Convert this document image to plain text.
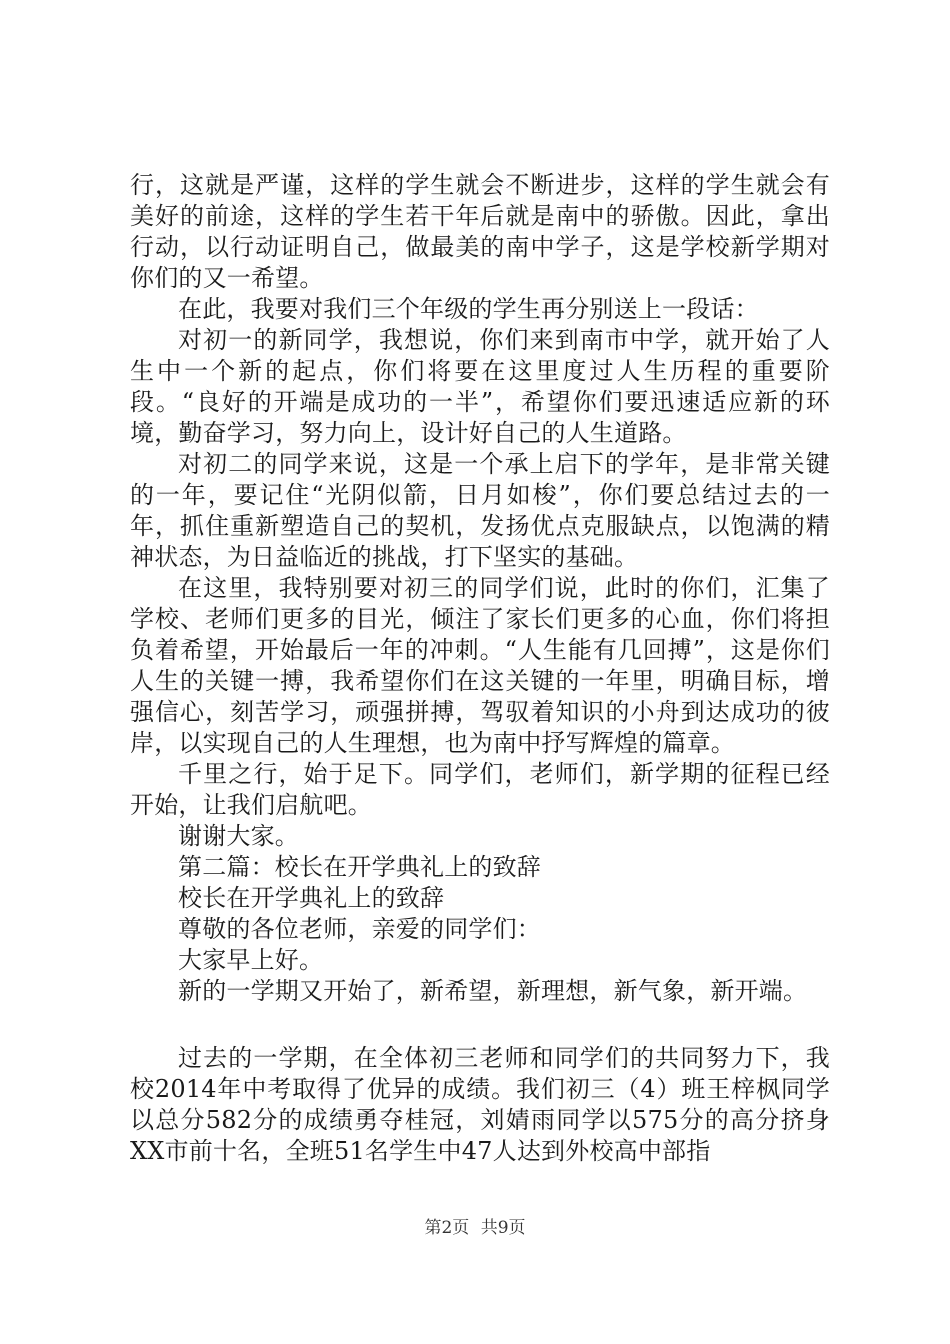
行，这就是严谨，这样的学生就会不断进步，这样的学生就会有美好的前途，这样的学生若干年后就是南中的骄傲。因此，拿出行动，以行动证明自己，做最美的南中学子，这是学校新学期对你们的又一希望。

在此，我要对我们三个年级的学生再分别送上一段话：

对初一的新同学，我想说，你们来到南市中学，就开始了人生中一个新的起点，你们将要在这里度过人生历程的重要阶段。“良好的开端是成功的一半”，希望你们要迅速适应新的环境，勤奋学习，努力向上，设计好自己的人生道路。

对初二的同学来说，这是一个承上启下的学年，是非常关键的一年，要记住“光阴似箭，日月如梭”，你们要总结过去的一年，抓住重新塑造自己的契机，发扬优点克服缺点，以饱满的精神状态，为日益临近的挑战，打下坚实的基础。

在这里，我特别要对初三的同学们说，此时的你们，汇集了学校、老师们更多的目光，倾注了家长们更多的心血，你们将担负着希望，开始最后一年的冲刺。“人生能有几回搏”，这是你们人生的关键一搏，我希望你们在这关键的一年里，明确目标，增强信心，刻苦学习，顽强拼搏，驾驭着知识的小舟到达成功的彼岸，以实现自己的人生理想，也为南中抒写辉煌的篇章。

千里之行，始于足下。同学们，老师们，新学期的征程已经开始，让我们启航吧。

谢谢大家。

第二篇：校长在开学典礼上的致辞

校长在开学典礼上的致辞

尊敬的各位老师，亲爱的同学们：

大家早上好。

新的一学期又开始了，新希望，新理想，新气象，新开端。

过去的一学期，在全体初三老师和同学们的共同努力下，我校2014年中考取得了优异的成绩。我们初三（4）班王梓枫同学以总分582分的成绩勇夺桂冠，刘婧雨同学以575分的高分挤身XX市前十名，全班51名学生中47人达到外校高中部指

第2页 共9页
